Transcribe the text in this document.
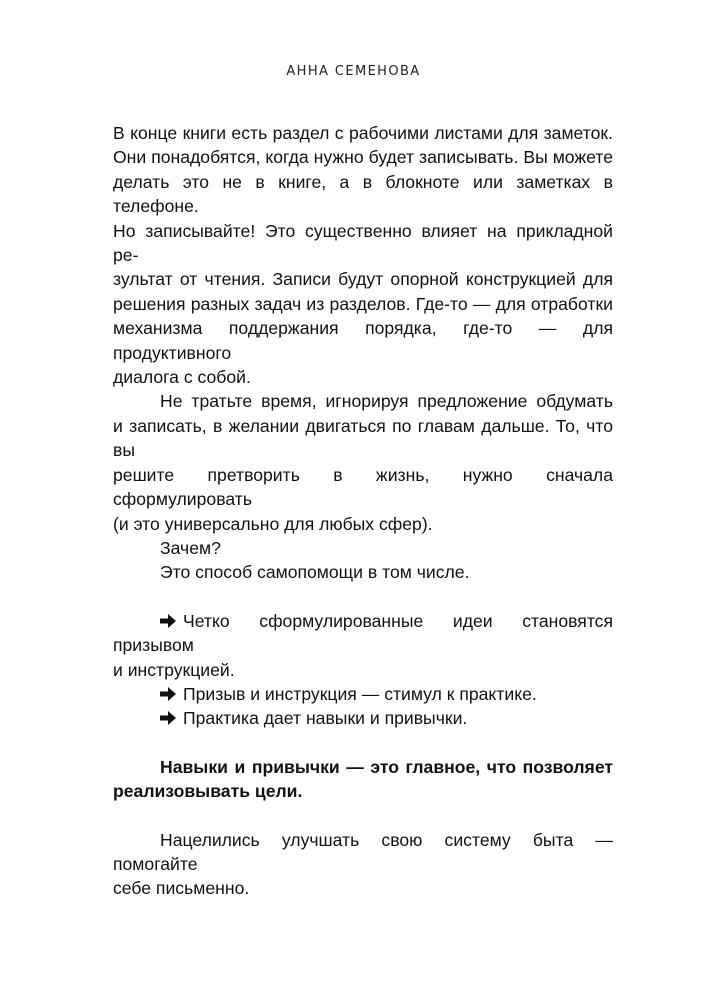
АННА СЕМЕНОВА

В конце книги есть раздел с рабочими листами для заметок.

Они понадобятся, когда нужно будет записывать. Вы можете

делать это не в книге, а в блокноте или заметках в телефоне.

Но записывайте! Это существенно влияет на прикладной ре-

зультат от чтения. Записи будут опорной конструкцией для

решения разных задач из разделов. Где-то — для отработки

механизма поддержания порядка, где-то — для продуктивного

диалога с собой.

Не тратьте время, игнорируя предложение обдумать

и записать, в желании двигаться по главам дальше. То, что вы

решите претворить в жизнь, нужно сначала сформулировать

(и это универсально для любых сфер).

Зачем?

Это способ самопомощи в том числе.

Четко сформулированные идеи становятся призывом

и инструкцией.

Призыв и инструкция — стимул к практике.

Практика дает навыки и привычки.

Навыки и привычки — это главное, что позволяет

реализовывать цели.

Нацелились улучшать свою систему быта — помогайте

себе письменно.
